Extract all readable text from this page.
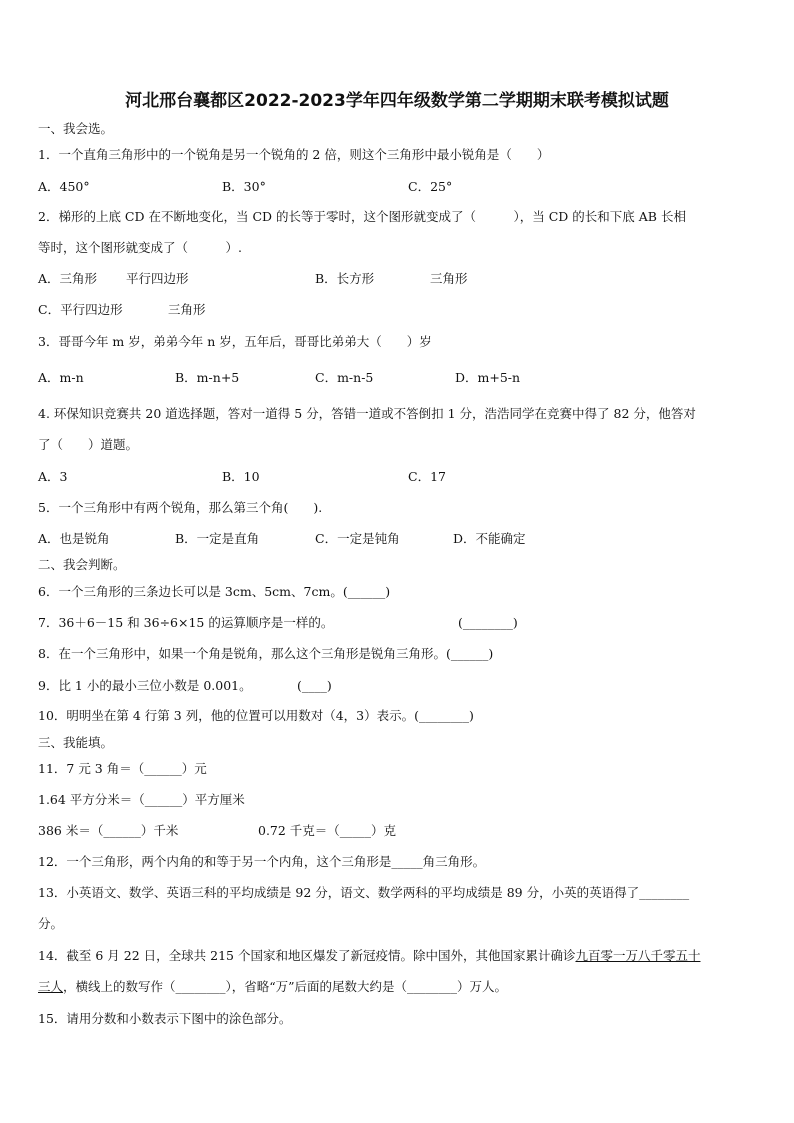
河北邢台襄都区2022-2023学年四年级数学第二学期期末联考模拟试题
一、我会选。
1．一个直角三角形中的一个锐角是另一个锐角的 2 倍，则这个三角形中最小锐角是（　　）
A．450°	B．30°	C．25°
2．梯形的上底 CD 在不断地变化，当 CD 的长等于零时，这个图形就变成了（　　　），当 CD 的长和下底 AB 长相
等时，这个图形就变成了（　　　）.
A．三角形 平行四边形	B．长方形	三角形
C．平行四边形	三角形
3．哥哥今年 m 岁，弟弟今年 n 岁，五年后，哥哥比弟弟大（　　）岁
A．m-n	B．m-n+5	C．m-n-5	D．m+5-n
4. 环保知识竞赛共 20 道选择题，答对一道得 5 分，答错一道或不答倒扣 1 分，浩浩同学在竞赛中得了 82 分，他答对
了（　　）道题。
A．3	B．10	C．17
5．一个三角形中有两个锐角，那么第三个角(　　).
A．也是锐角	B．一定是直角	C．一定是钝角	D．不能确定
二、我会判断。
6．一个三角形的三条边长可以是 3cm、5cm、7cm。(______)
7．36＋6－15 和 36÷6×15 的运算顺序是一样的。	(________)
8．在一个三角形中，如果一个角是锐角，那么这个三角形是锐角三角形。(______)
9．比 1 小的最小三位小数是 0.001。	(____)
10．明明坐在第 4 行第 3 列，他的位置可以用数对（4，3）表示。(________)
三、我能填。
11．7 元 3 角＝（______）元
1.64 平方分米＝（______）平方厘米
386 米＝（______）千米	0.72 千克＝（_____）克
12．一个三角形，两个内角的和等于另一个内角，这个三角形是_____角三角形。
13．小英语文、数学、英语三科的平均成绩是 92 分，语文、数学两科的平均成绩是 89 分，小英的英语得了________
分。
14．截至 6 月 22 日，全球共 215 个国家和地区爆发了新冠疫情。除中国外，其他国家累计确诊九百零一万八千零五十
三人，横线上的数写作（________），省略“万”后面的尾数大约是（________）万人。
15．请用分数和小数表示下图中的涂色部分。
